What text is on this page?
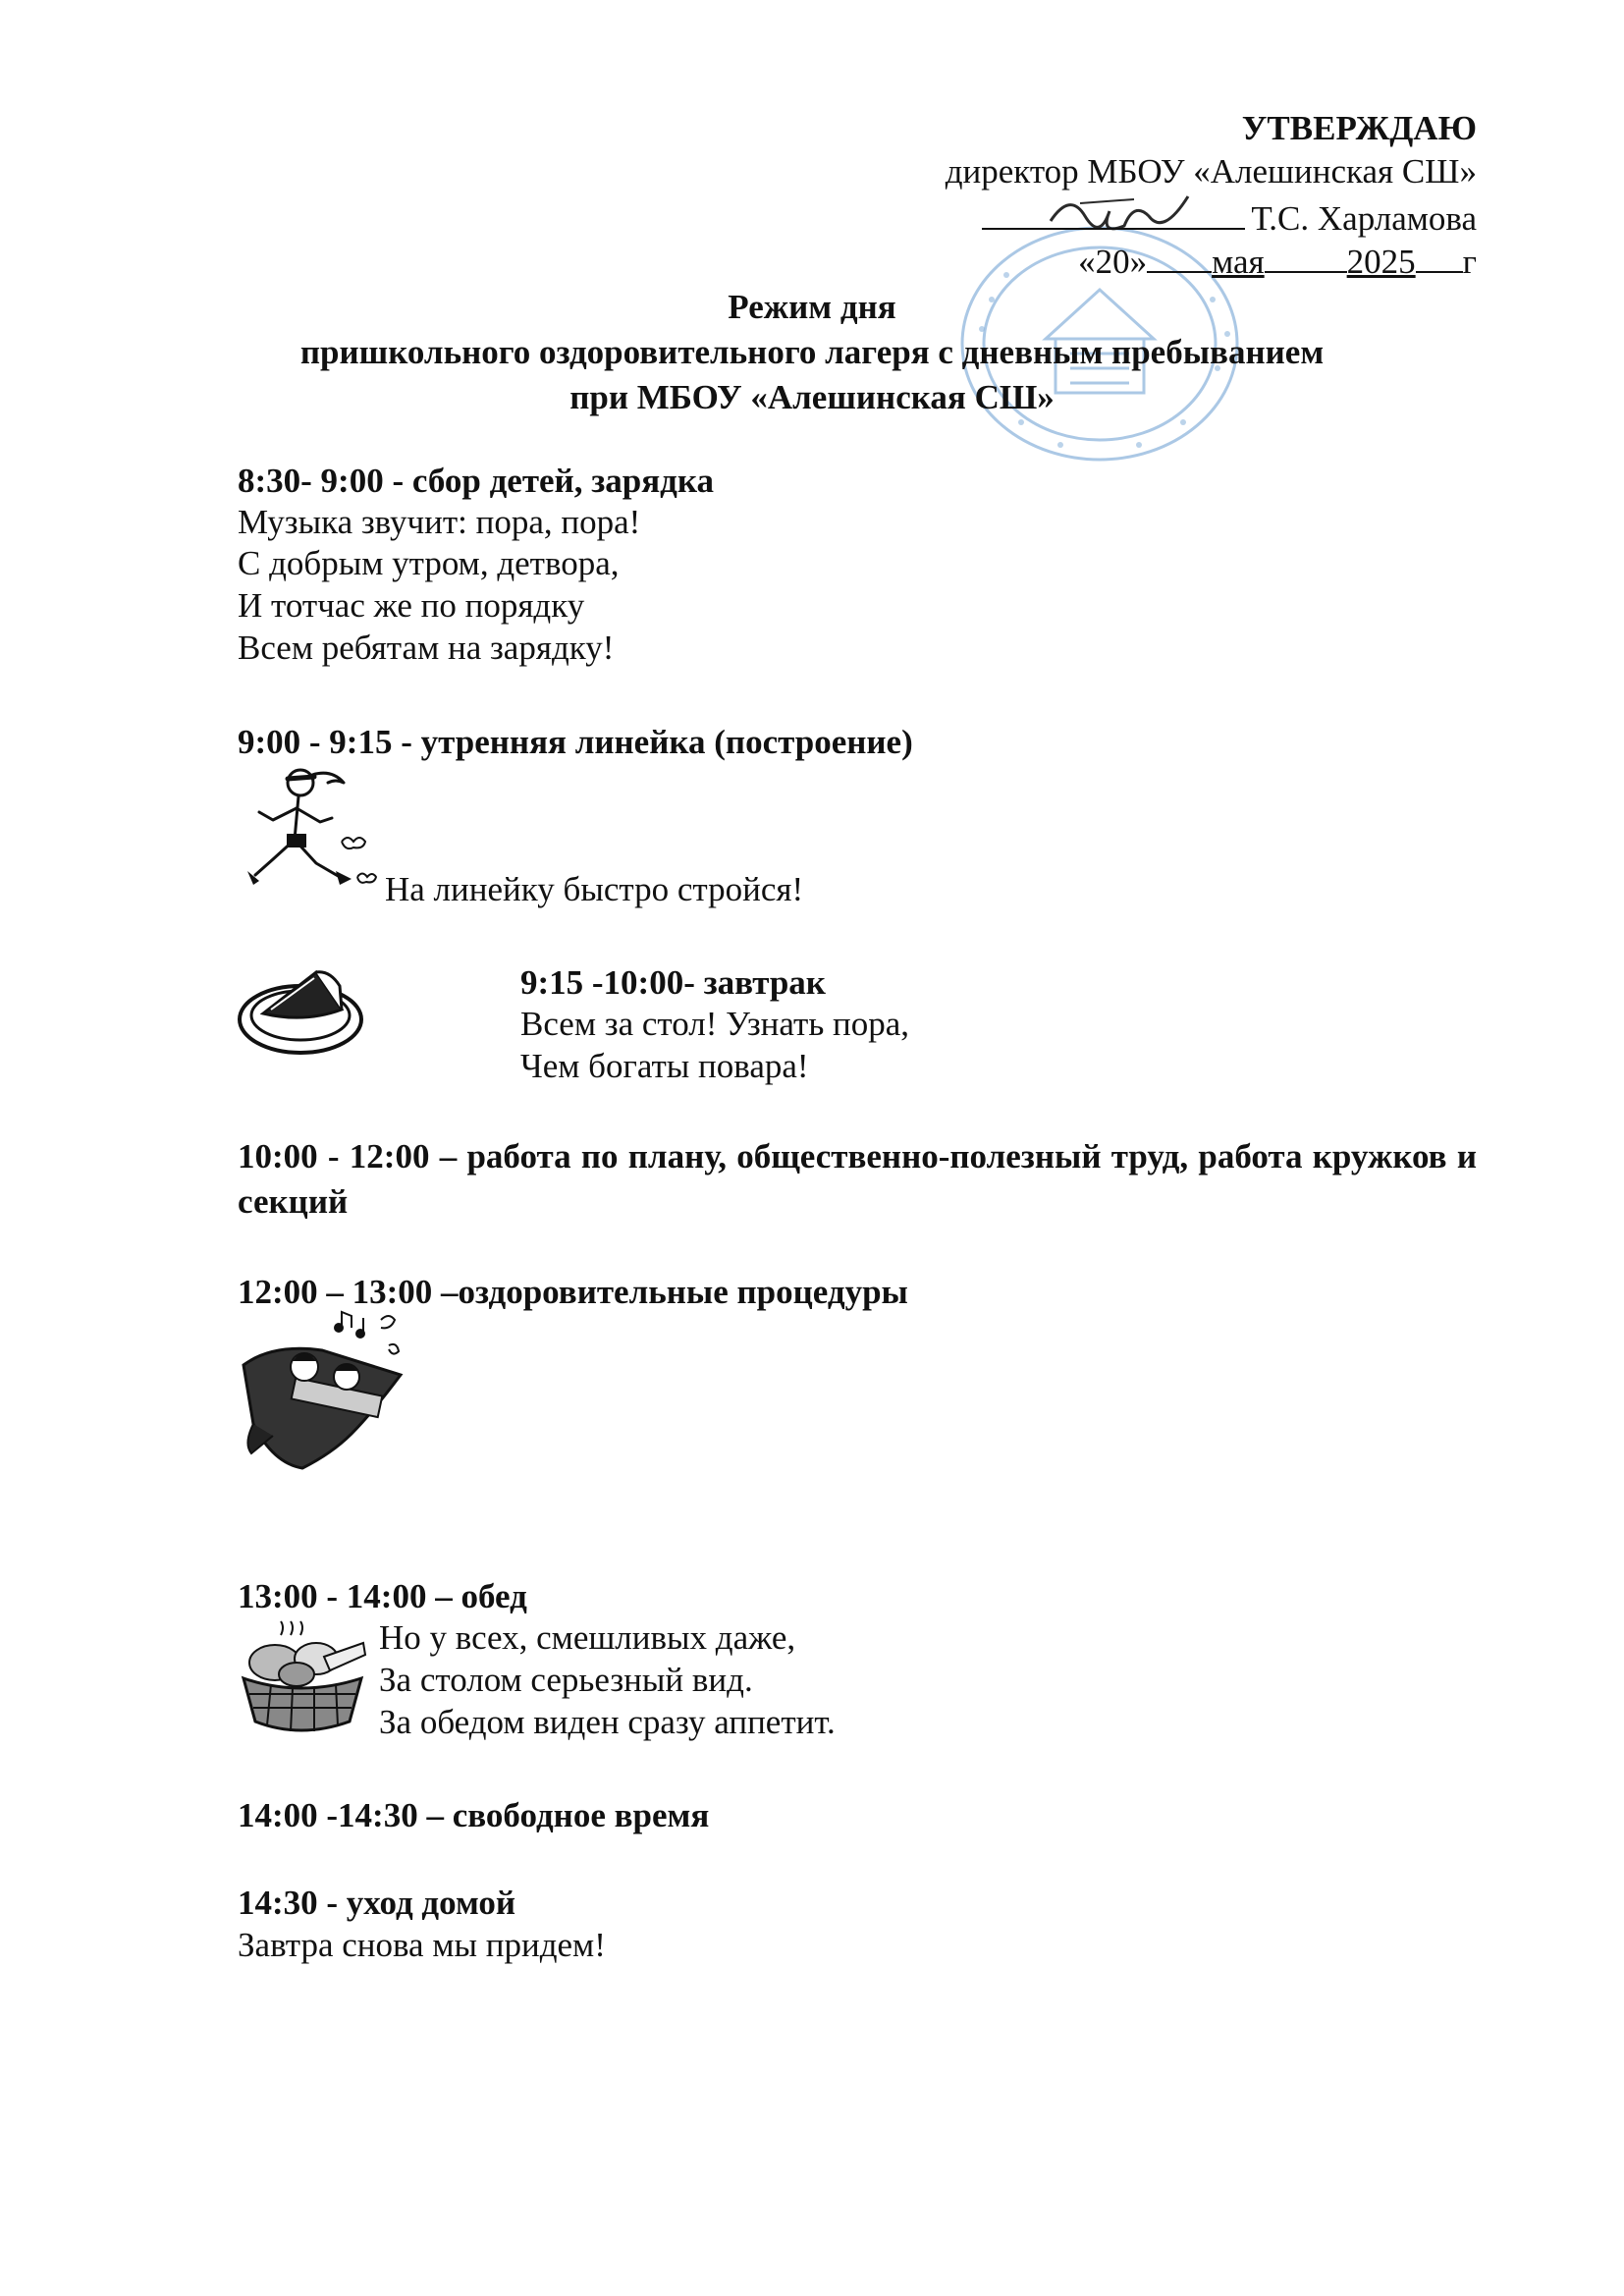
УТВЕРЖДАЮ
директор МБОУ «Алешинская СШ»
Т.С. Харламова
«20» мая 2025 г
Режим дня
пришкольного оздоровительного лагеря с дневным пребыванием
при МБОУ «Алешинская СШ»
8:30- 9:00 - сбор детей, зарядка
Музыка звучит: пора, пора!
С добрым утром, детвора,
И тотчас же по порядку
Всем ребятам на зарядку!
9:00 - 9:15 - утренняя линейка (построение)
На линейку быстро стройся!
9:15 -10:00- завтрак
Всем за стол! Узнать пора,
Чем богаты повара!
10:00 - 12:00 – работа по плану, общественно-полезный труд, работа кружков и секций
12:00 – 13:00 –оздоровительные процедуры
13:00 - 14:00 – обед
Но у всех, смешливых даже,
За столом серьезный вид.
За обедом виден сразу аппетит.
14:00 -14:30 – свободное время
14:30 - уход домой
Завтра снова мы придем!
